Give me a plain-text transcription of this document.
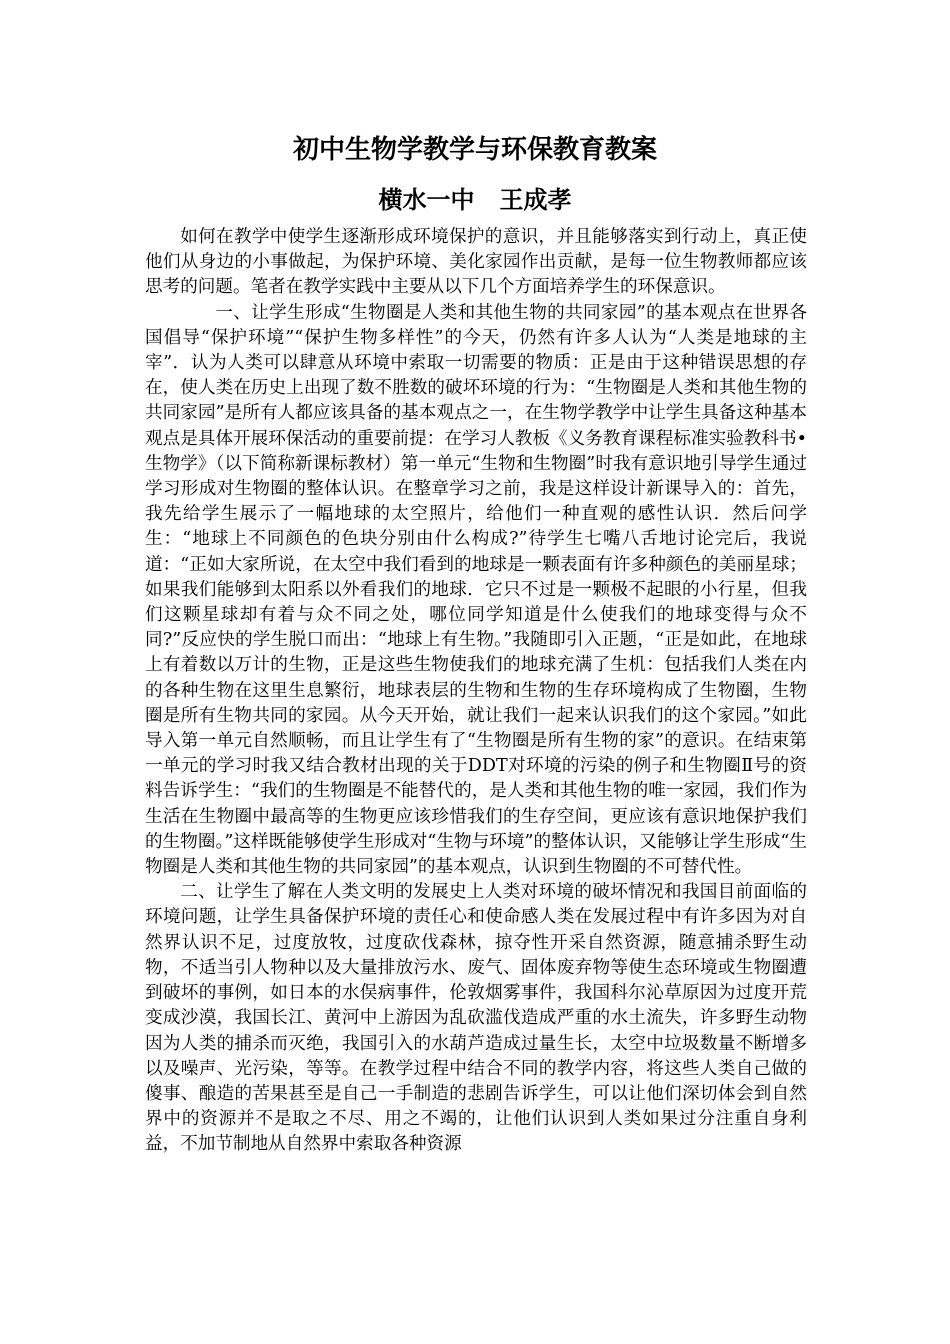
初中生物学教学与环保教育教案
横水一中   王成孝

如何在教学中使学生逐渐形成环境保护的意识，并且能够落实到行动上，真正使他们从身边的小事做起，为保护环境、美化家园作出贡献，是每一位生物教师都应该思考的问题。笔者在教学实践中主要从以下几个方面培养学生的环保意识。

一、让学生形成“生物圈是人类和其他生物的共同家园”的基本观点在世界各国倡导“保护环境”“保护生物多样性”的今天，仍然有许多人认为“人类是地球的主宰”．认为人类可以肆意从环境中索取一切需要的物质：正是由于这种错误思想的存在，使人类在历史上出现了数不胜数的破坏环境的行为：“生物圈是人类和其他生物的共同家园”是所有人都应该具备的基本观点之一，在生物学教学中让学生具备这种基本观点是具体开展环保活动的重要前提：在学习人教板《义务教育课程标准实验教科书•生物学》（以下简称新课标教材）第一单元“生物和生物圈”时我有意识地引导学生通过学习形成对生物圈的整体认识。在整章学习之前，我是这样设计新课导入的：首先，我先给学生展示了一幅地球的太空照片，给他们一种直观的感性认识．然后问学生：“地球上不同颜色的色块分别由什么构成?”待学生七嘴八舌地讨论完后，我说道：“正如大家所说，在太空中我们看到的地球是一颗表面有许多种颜色的美丽星球；如果我们能够到太阳系以外看我们的地球．它只不过是一颗极不起眼的小行星，但我们这颗星球却有着与众不同之处，哪位同学知道是什么使我们的地球变得与众不同?”反应快的学生脱口而出：“地球上有生物。”我随即引入正题，“正是如此，在地球上有着数以万计的生物，正是这些生物使我们的地球充满了生机：包括我们人类在内的各种生物在这里生息繁衍，地球表层的生物和生物的生存环境构成了生物圈，生物圈是所有生物共同的家园。从今天开始，就让我们一起来认识我们的这个家园。”如此导入第一单元自然顺畅，而且让学生有了“生物圈是所有生物的家”的意识。在结束第一单元的学习时我又结合教材出现的关于DDT对环境的污染的例子和生物圈Ⅱ号的资料告诉学生：“我们的生物圈是不能替代的，是人类和其他生物的唯一家园，我们作为生活在生物圈中最高等的生物更应该珍惜我们的生存空间，更应该有意识地保护我们的生物圈。”这样既能够使学生形成对“生物与环境”的整体认识，又能够让学生形成“生物圈是人类和其他生物的共同家园”的基本观点，认识到生物圈的不可替代性。

二、让学生了解在人类文明的发展史上人类对环境的破坏情况和我国目前面临的环境问题，让学生具备保护环境的责任心和使命感人类在发展过程中有许多因为对自然界认识不足，过度放牧，过度砍伐森林，掠夺性开采自然资源，随意捕杀野生动物，不适当引人物种以及大量排放污水、废气、固体废弃物等使生态环境或生物圈遭到破坏的事例，如日本的水俣病事件，伦敦烟雾事件，我国科尔沁草原因为过度开荒变成沙漠，我国长江、黄河中上游因为乱砍滥伐造成严重的水土流失，许多野生动物因为人类的捕杀而灭绝，我国引入的水葫芦造成过量生长，太空中垃圾数量不断增多以及噪声、光污染，等等。在教学过程中结合不同的教学内容，将这些人类自己做的傻事、酿造的苦果甚至是自己一手制造的悲剧告诉学生，可以让他们深切体会到自然界中的资源并不是取之不尽、用之不竭的，让他们认识到人类如果过分注重自身利益，不加节制地从自然界中索取各种资源
